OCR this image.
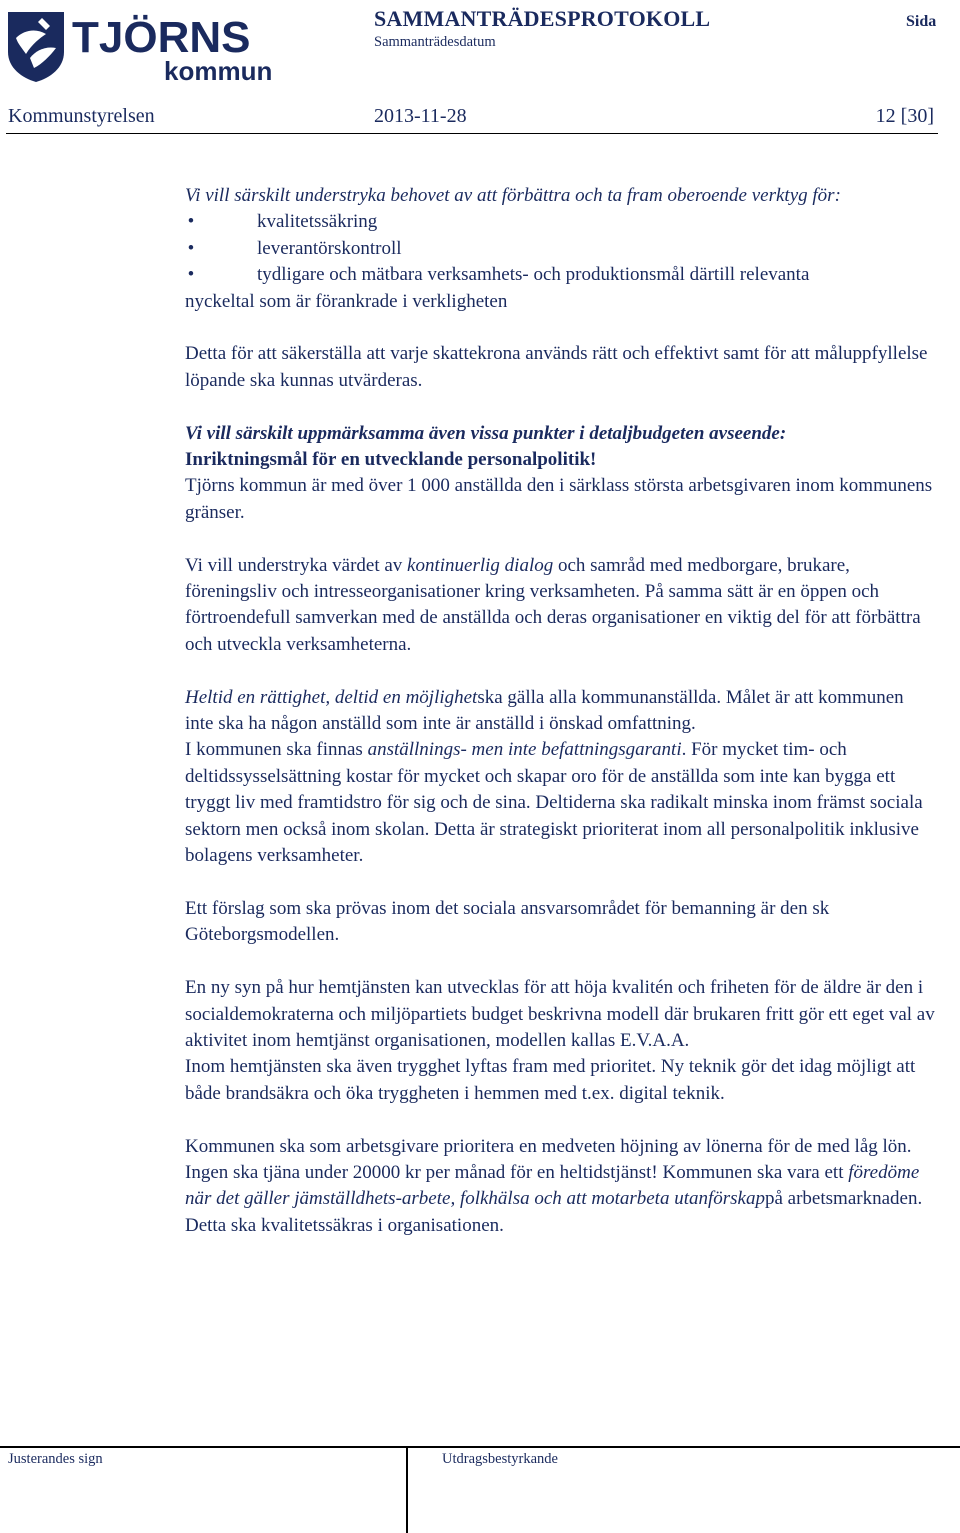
TJÖRNS
kommun
SAMMANTRÄDESPROTOKOLL
Sammanträdesdatum
Sida
Kommunstyrelsen	2013-11-28	12 [30]

Vi vill särskilt understryka behovet av att förbättra och ta fram oberoende verktyg för:

•	kvalitetssäkring
•	leverantörskontroll
•	tydligare och mätbara verksamhets- och produktionsmål därtill relevanta
nyckeltal som är förankrade i verkligheten

Detta för att säkerställa att varje skattekrona används rätt och effektivt samt för att måluppfyllelse löpande ska kunnas utvärderas.

Vi vill särskilt uppmärksamma även vissa punkter i detaljbudgeten avseende:

Inriktningsmål för en utvecklande personalpolitik!

Tjörns kommun är med över 1 000 anställda den i särklass största arbetsgivaren inom kommunens gränser.

Vi vill understryka värdet av kontinuerlig dialog och samråd med medborgare, brukare, föreningsliv och intresseorganisationer kring verksamheten. På samma sätt är en öppen och förtroendefull samverkan med de anställda och deras organisationer en viktig del för att förbättra och utveckla verksamheterna.

Heltid en rättighet, deltid en möjlighetska gälla alla kommunanställda. Målet är att kommunen inte ska ha någon anställd som inte är anställd i önskad omfattning.

I kommunen ska finnas anställnings- men inte befattningsgaranti. För mycket tim- och deltidssysselsättning kostar för mycket och skapar oro för de anställda som inte kan bygga ett tryggt liv med framtidstro för sig och de sina. Deltiderna ska radikalt minska inom främst sociala sektorn men också inom skolan. Detta är strategiskt prioriterat inom all personalpolitik inklusive bolagens verksamheter.

Ett förslag som ska prövas inom det sociala ansvarsområdet för bemanning är den sk Göteborgsmodellen.

En ny syn på hur hemtjänsten kan utvecklas för att höja kvalitén och friheten för de äldre är den i socialdemokraterna och miljöpartiets budget beskrivna modell där brukaren fritt gör ett eget val av aktivitet inom hemtjänst organisationen, modellen kallas E.V.A.A.

Inom hemtjänsten ska även trygghet lyftas fram med prioritet. Ny teknik gör det idag möjligt att både brandsäkra och öka tryggheten i hemmen med t.ex. digital teknik.

Kommunen ska som arbetsgivare prioritera en medveten höjning av lönerna för de med låg lön. Ingen ska tjäna under 20000 kr per månad för en heltidstjänst! Kommunen ska vara ett föredöme när det gäller jämställdhets-arbete, folkhälsa och att motarbeta utanförskappå arbetsmarknaden. Detta ska kvalitetssäkras i organisationen.

Justerandes sign	Utdragsbestyrkande
